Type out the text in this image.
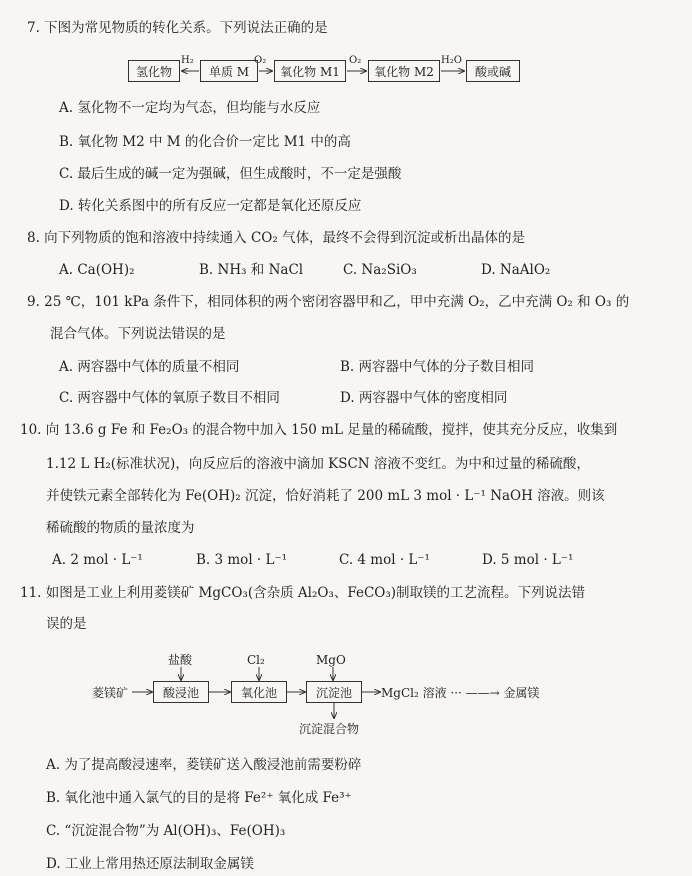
7. 下图为常见物质的转化关系。下列说法正确的是
氢化物	单质 M	氧化物 M1	氧化物 M2	酸或碱
H₂	O₂	O₂	H₂O
A. 氢化物不一定均为气态，但均能与水反应
B. 氧化物 M2 中 M 的化合价一定比 M1 中的高
C. 最后生成的碱一定为强碱，但生成酸时，不一定是强酸
D. 转化关系图中的所有反应一定都是氧化还原反应
8. 向下列物质的饱和溶液中持续通入 CO₂ 气体，最终不会得到沉淀或析出晶体的是
A. Ca(OH)₂	B. NH₃ 和 NaCl	C. Na₂SiO₃	D. NaAlO₂
9. 25 ℃，101 kPa 条件下，相同体积的两个密闭容器甲和乙，甲中充满 O₂，乙中充满 O₂ 和 O₃ 的
混合气体。下列说法错误的是
A. 两容器中气体的质量不相同	B. 两容器中气体的分子数目相同
C. 两容器中气体的氧原子数目不相同	D. 两容器中气体的密度相同
10. 向 13.6 g Fe 和 Fe₂O₃ 的混合物中加入 150 mL 足量的稀硫酸，搅拌，使其充分反应，收集到
1.12 L H₂(标准状况)，向反应后的溶液中滴加 KSCN 溶液不变红。为中和过量的稀硫酸，
并使铁元素全部转化为 Fe(OH)₂ 沉淀，恰好消耗了 200 mL 3 mol · L⁻¹ NaOH 溶液。则该
稀硫酸的物质的量浓度为
A. 2 mol · L⁻¹	B. 3 mol · L⁻¹	C. 4 mol · L⁻¹	D. 5 mol · L⁻¹
11. 如图是工业上利用菱镁矿 MgCO₃(含杂质 Al₂O₃、FeCO₃)制取镁的工艺流程。下列说法错
误的是
盐酸	Cl₂	MgO
菱镁矿	酸浸池	氧化池	沉淀池	MgCl₂ 溶液 ··· ——→ 金属镁
沉淀混合物
A. 为了提高酸浸速率，菱镁矿送入酸浸池前需要粉碎
B. 氧化池中通入氯气的目的是将 Fe²⁺ 氧化成 Fe³⁺
C. “沉淀混合物”为 Al(OH)₃、Fe(OH)₃
D. 工业上常用热还原法制取金属镁
